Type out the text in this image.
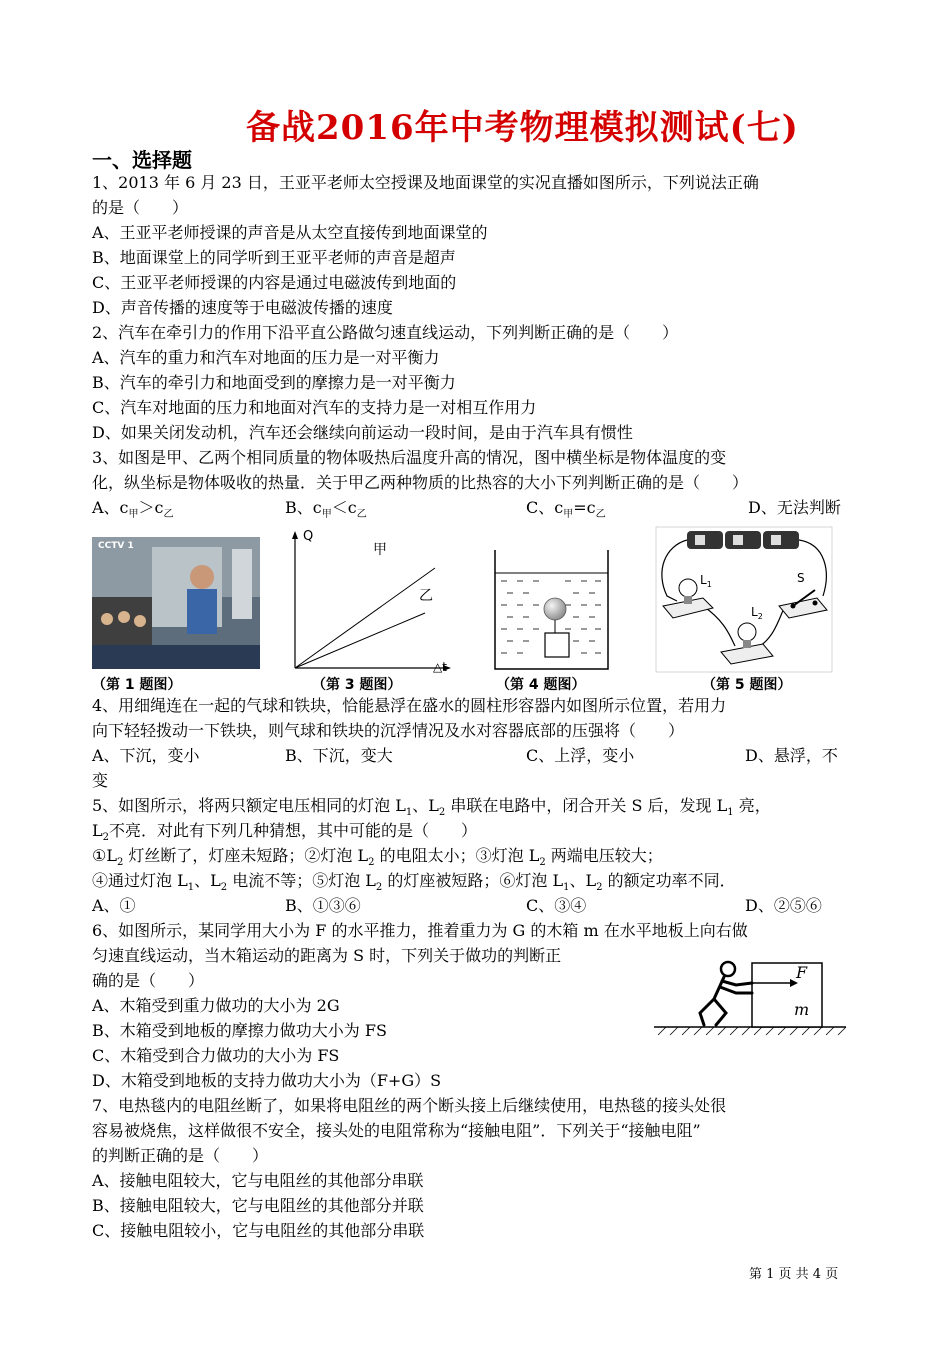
备战2016年中考物理模拟测试(七)
一、选择题
1、2013 年 6 月 23 日，王亚平老师太空授课及地面课堂的实况直播如图所示，下列说法正确
的是（　　）
A、王亚平老师授课的声音是从太空直接传到地面课堂的
B、地面课堂上的同学听到王亚平老师的声音是超声
C、王亚平老师授课的内容是通过电磁波传到地面的
D、声音传播的速度等于电磁波传播的速度
2、汽车在牵引力的作用下沿平直公路做匀速直线运动，下列判断正确的是（　　）
A、汽车的重力和汽车对地面的压力是一对平衡力
B、汽车的牵引力和地面受到的摩擦力是一对平衡力
C、汽车对地面的压力和地面对汽车的支持力是一对相互作用力
D、如果关闭发动机，汽车还会继续向前运动一段时间，是由于汽车具有惯性
3、如图是甲、乙两个相同质量的物体吸热后温度升高的情况，图中横坐标是物体温度的变
化，纵坐标是物体吸收的热量．关于甲乙两种物质的比热容的大小下列判断正确的是（　　）
A、$c_甲>c_乙$	B、$c_甲<c_乙$	C、$c_甲=c_乙$	D、无法判断
CCTV 1
Q
甲
乙
△t
$L_1$
$L_2$
S
（第 1 题图）	（第 3 题图）	（第 4 题图）	（第 5 题图）
4、用细绳连在一起的气球和铁块，恰能悬浮在盛水的圆柱形容器内如图所示位置，若用力
向下轻轻拨动一下铁块，则气球和铁块的沉浮情况及水对容器底部的压强将（　　）
A、下沉，变小	B、下沉，变大	C、上浮，变小	D、悬浮，不
变
5、如图所示，将两只额定电压相同的灯泡 $L_1$、$L_2$ 串联在电路中，闭合开关 S 后，发现 $L_1$ 亮，
$L_2$不亮．对此有下列几种猜想，其中可能的是（　　）
$①L_2$ 灯丝断了，灯座未短路；②灯泡 $L_2$ 的电阻太小；③灯泡 $L_2$ 两端电压较大；
④通过灯泡 $L_1$、$L_2$ 电流不等；⑤灯泡 $L_2$ 的灯座被短路；⑥灯泡 $L_1$、$L_2$ 的额定功率不同．
A、①	B、①③⑥	C、③④	D、②⑤⑥
6、如图所示，某同学用大小为 F 的水平推力，推着重力为 G 的木箱 m 在水平地板上向右做
匀速直线运动，当木箱运动的距离为 S 时，下列关于做功的判断正
确的是（　　）
A、木箱受到重力做功的大小为 2G
B、木箱受到地板的摩擦力做功大小为 FS
C、木箱受到合力做功的大小为 FS
D、木箱受到地板的支持力做功大小为（F+G）S
F
m
7、电热毯内的电阻丝断了，如果将电阻丝的两个断头接上后继续使用，电热毯的接头处很
容易被烧焦，这样做很不安全，接头处的电阻常称为“接触电阻”．下列关于“接触电阻”
的判断正确的是（　　）
A、接触电阻较大，它与电阻丝的其他部分串联
B、接触电阻较大，它与电阻丝的其他部分并联
C、接触电阻较小，它与电阻丝的其他部分串联
第 1 页 共 4 页
